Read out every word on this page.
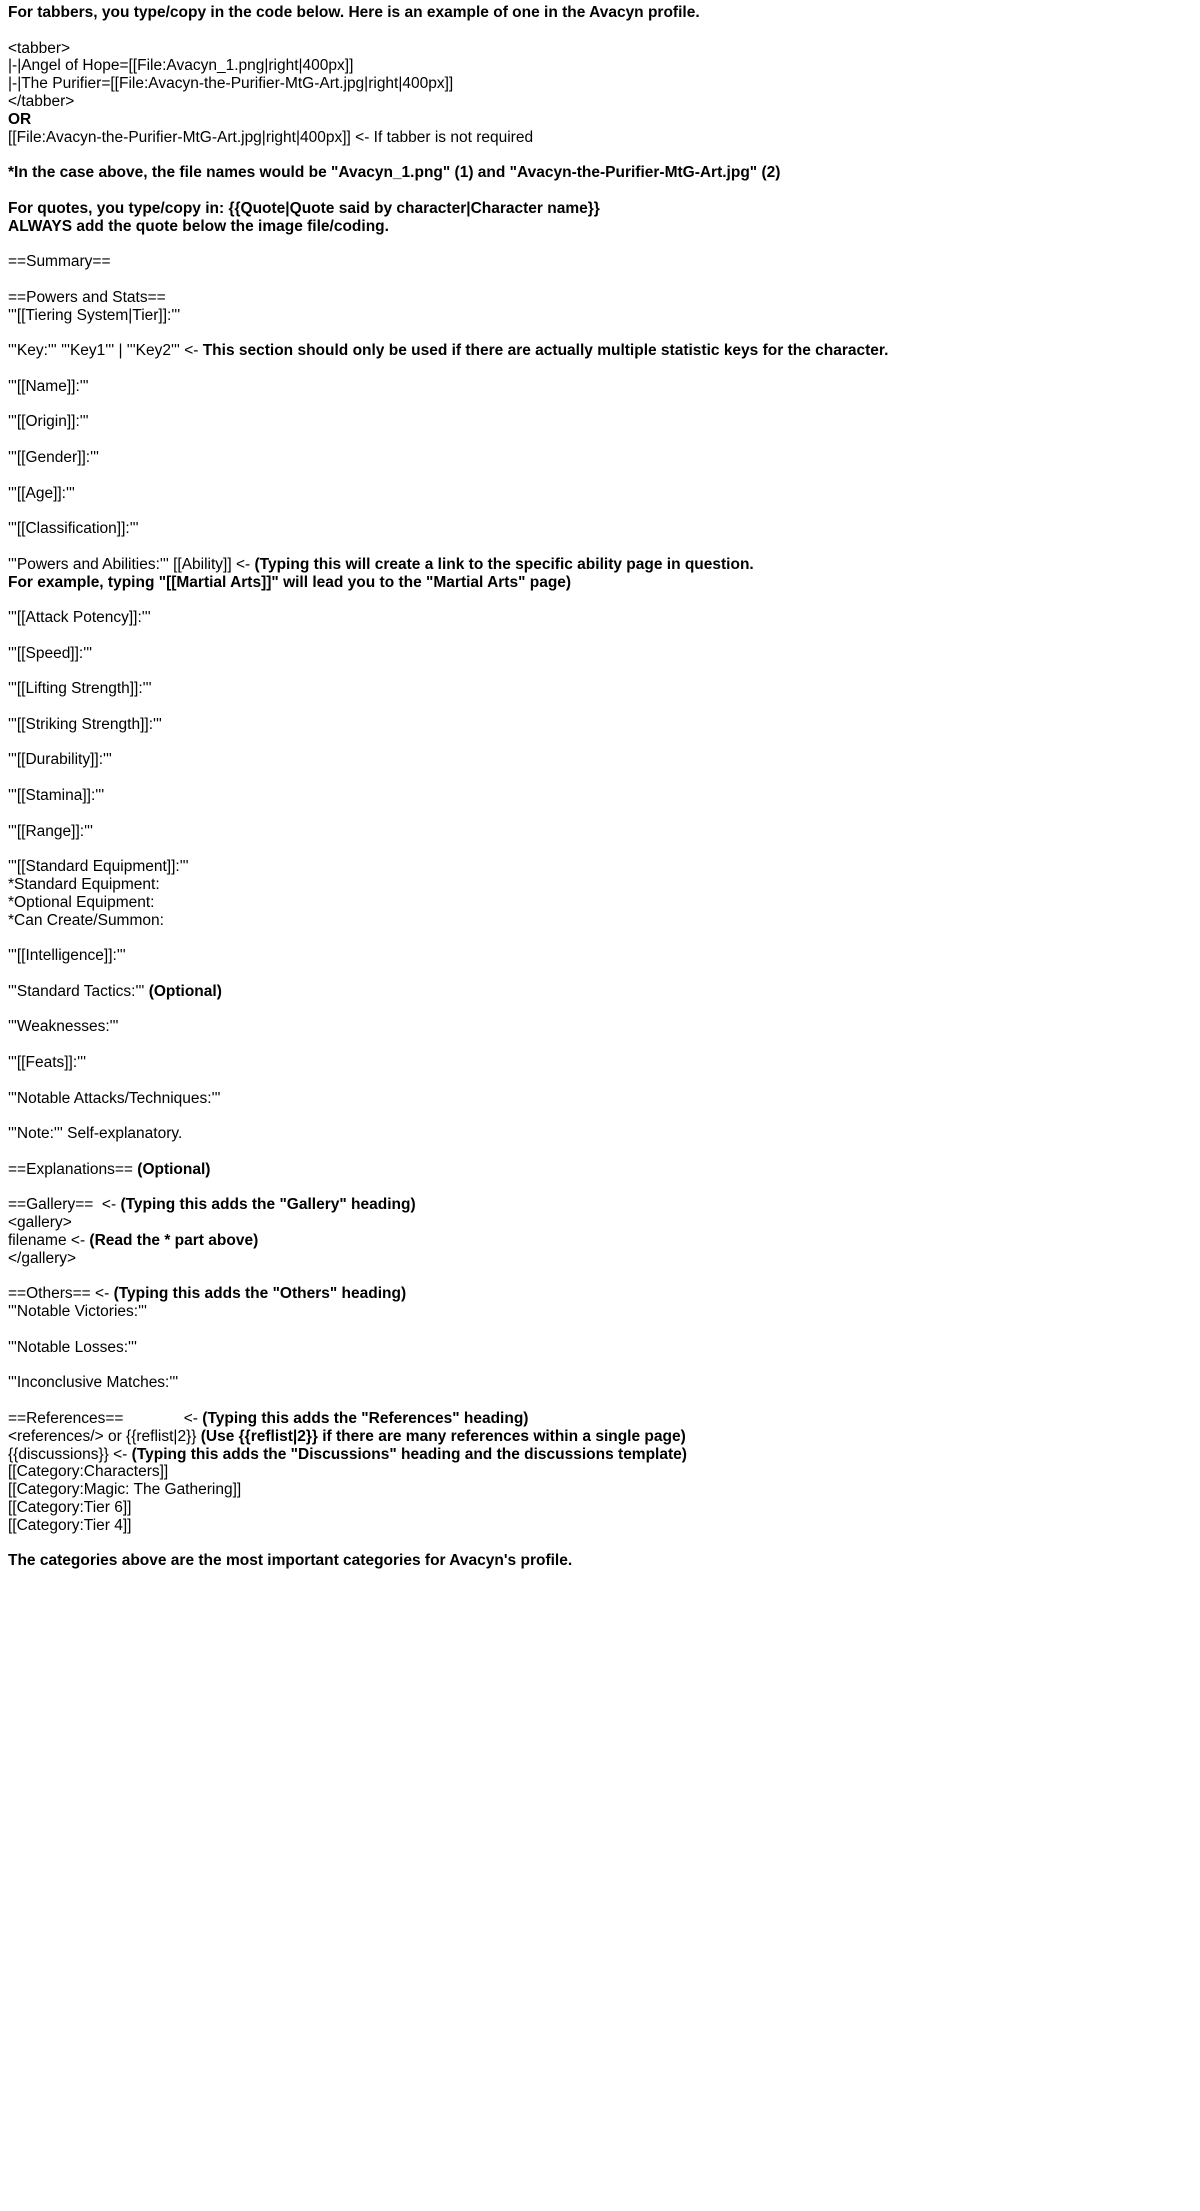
For tabbers, you type/copy in the code below. Here is an example of one in the Avacyn profile.
<tabber>
|-|Angel of Hope=[[File:Avacyn_1.png|right|400px]]
|-|The Purifier=[[File:Avacyn-the-Purifier-MtG-Art.jpg|right|400px]]
</tabber>
OR
[[File:Avacyn-the-Purifier-MtG-Art.jpg|right|400px]] <- If tabber is not required
*In the case above, the file names would be "Avacyn_1.png" (1) and "Avacyn-the-Purifier-MtG-Art.jpg" (2)
For quotes, you type/copy in: {{Quote|Quote said by character|Character name}}
ALWAYS add the quote below the image file/coding.
==Summary==
==Powers and Stats==
'''[[Tiering System|Tier]]:'''
'''Key:''' '''Key1''' | '''Key2''' <- This section should only be used if there are actually multiple statistic keys for the character.
'''[[Name]]:'''
'''[[Origin]]:'''
'''[[Gender]]:'''
'''[[Age]]:'''
'''[[Classification]]:'''
'''Powers and Abilities:''' [[Ability]] <- (Typing this will create a link to the specific ability page in question.
For example, typing "[[Martial Arts]]" will lead you to the "Martial Arts" page)
'''[[Attack Potency]]:'''
'''[[Speed]]:'''
'''[[Lifting Strength]]:'''
'''[[Striking Strength]]:'''
'''[[Durability]]:'''
'''[[Stamina]]:'''
'''[[Range]]:'''
'''[[Standard Equipment]]:'''
*Standard Equipment:
*Optional Equipment:
*Can Create/Summon:
'''[[Intelligence]]:'''
'''Standard Tactics:''' (Optional)
'''Weaknesses:'''
'''[[Feats]]:'''
'''Notable Attacks/Techniques:'''
'''Note:''' Self-explanatory.
==Explanations== (Optional)
==Gallery==  <- (Typing this adds the "Gallery" heading)
<gallery>
filename <- (Read the * part above)
</gallery>
==Others== <- (Typing this adds the "Others" heading)
'''Notable Victories:'''
'''Notable Losses:'''
'''Inconclusive Matches:'''
==References==              <- (Typing this adds the "References" heading)
<references/> or {{reflist|2}} (Use {{reflist|2}} if there are many references within a single page)
{{discussions}} <- (Typing this adds the "Discussions" heading and the discussions template)
[[Category:Characters]]
[[Category:Magic: The Gathering]]
[[Category:Tier 6]]
[[Category:Tier 4]]
The categories above are the most important categories for Avacyn's profile.
